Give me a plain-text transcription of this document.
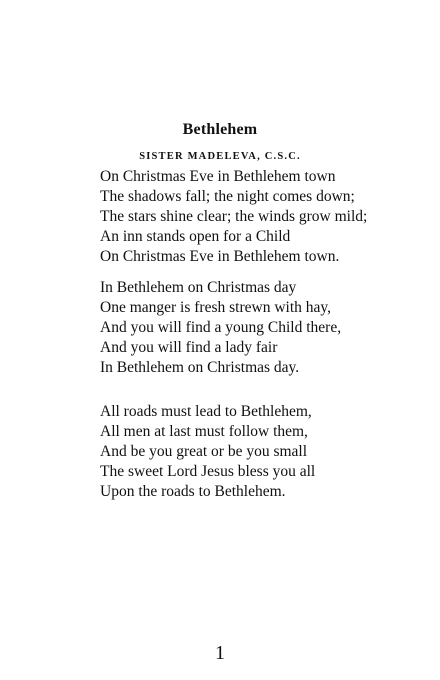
Bethlehem
SISTER MADELEVA, C.S.C.
On Christmas Eve in Bethlehem town
The shadows fall; the night comes down;
The stars shine clear; the winds grow mild;
An inn stands open for a Child
On Christmas Eve in Bethlehem town.
In Bethlehem on Christmas day
One manger is fresh strewn with hay,
And you will find a young Child there,
And you will find a lady fair
In Bethlehem on Christmas day.
All roads must lead to Bethlehem,
All men at last must follow them,
And be you great or be you small
The sweet Lord Jesus bless you all
Upon the roads to Bethlehem.
1
